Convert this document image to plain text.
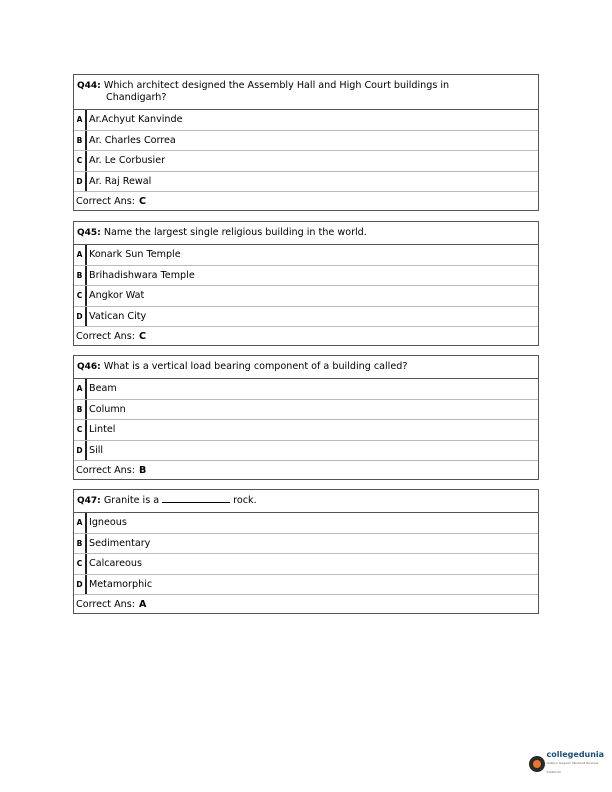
Q44: Which architect designed the Assembly Hall and High Court buildings in
Chandigarh?
A Ar.Achyut Kanvinde
B Ar. Charles Correa
C Ar. Le Corbusier
D Ar. Raj Rewal
Correct Ans: C
Q45: Name the largest single religious building in the world.
A Konark Sun Temple
B Brihadishwara Temple
C Angkor Wat
D Vatican City
Correct Ans: C
Q46: What is a vertical load bearing component of a building called?
A Beam
B Column
C Lintel
D Sill
Correct Ans: B
Q47: Granite is a	rock.
A Igneous
B Sedimentary
C Calcareous
D Metamorphic
Correct Ans: A
collegedunia
India's largest Student Review Platform
